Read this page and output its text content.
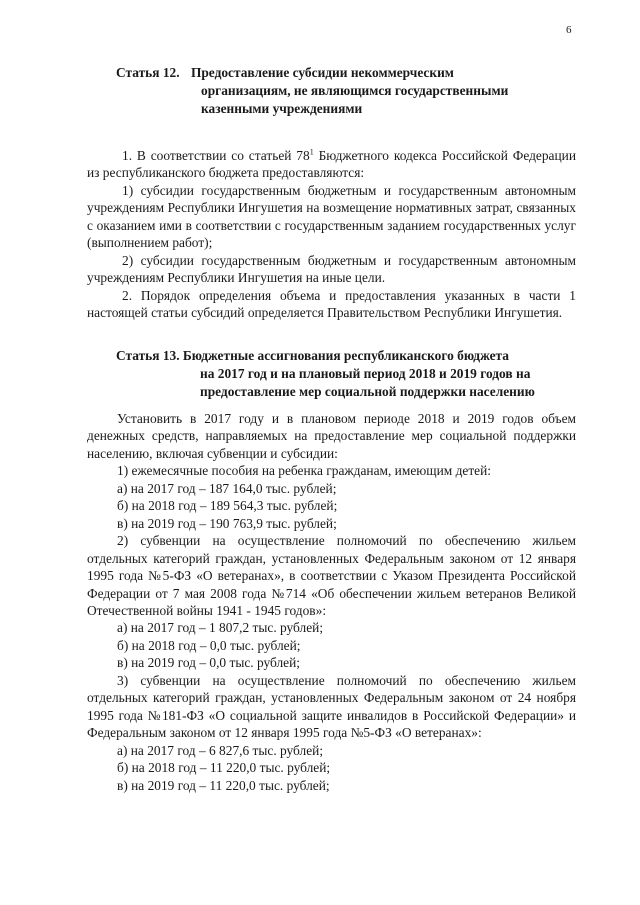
6
Статья 12. Предоставление субсидии некоммерческим
организациям, не являющимся государственными
казенными учреждениями
1. В соответствии со статьей $78^1$ Бюджетного кодекса Российской Федерации из республиканского бюджета предоставляются:
1) субсидии государственным бюджетным и государственным автономным учреждениям Республики Ингушетия на возмещение нормативных затрат, связанных с оказанием ими в соответствии с государственным заданием государственных услуг (выполнением работ);
2) субсидии государственным бюджетным и государственным автономным учреждениям Республики Ингушетия на иные цели.
2. Порядок определения объема и предоставления указанных в части 1 настоящей статьи субсидий определяется Правительством Республики Ингушетия.
Статья 13. Бюджетные ассигнования республиканского бюджета
на 2017 год и на плановый период 2018 и 2019 годов на
предоставление мер социальной поддержки населению
Установить в 2017 году и в плановом периоде 2018 и 2019 годов объем денежных средств, направляемых на предоставление мер социальной поддержки населению, включая субвенции и субсидии:
1) ежемесячные пособия на ребенка гражданам, имеющим детей:
а) на 2017 год – 187 164,0 тыс. рублей;
б) на 2018 год – 189 564,3 тыс. рублей;
в) на 2019 год – 190 763,9 тыс. рублей;
2) субвенции на осуществление полномочий по обеспечению жильем отдельных категорий граждан, установленных Федеральным законом от 12 января 1995 года №5-ФЗ «О ветеранах», в соответствии с Указом Президента Российской Федерации от 7 мая 2008 года №714 «Об обеспечении жильем ветеранов Великой Отечественной войны 1941 - 1945 годов»:
а) на 2017 год – 1 807,2 тыс. рублей;
б) на 2018 год – 0,0 тыс. рублей;
в) на 2019 год – 0,0 тыс. рублей;
3) субвенции на осуществление полномочий по обеспечению жильем отдельных категорий граждан, установленных Федеральным законом от 24 ноября 1995 года №181-ФЗ «О социальной защите инвалидов в Российской Федерации» и Федеральным законом от 12 января 1995 года №5-ФЗ «О ветеранах»:
а) на 2017 год – 6 827,6 тыс. рублей;
б) на 2018 год – 11 220,0 тыс. рублей;
в) на 2019 год – 11 220,0 тыс. рублей;
